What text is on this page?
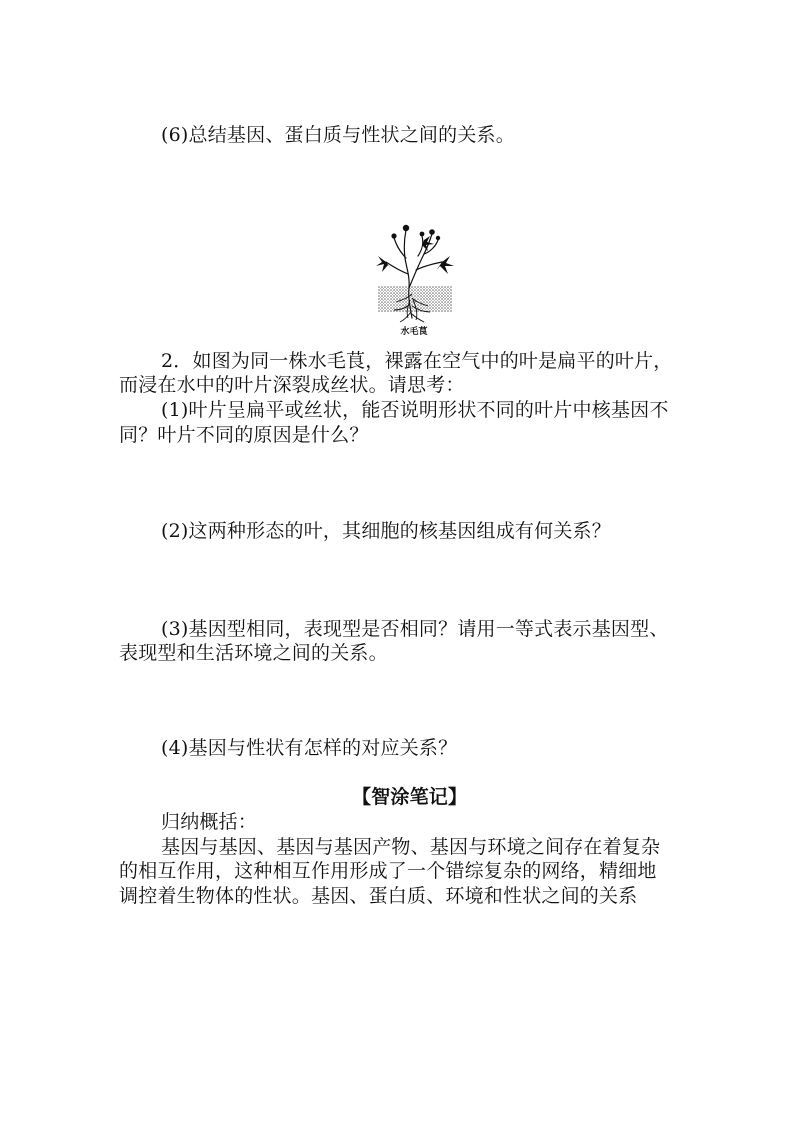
(6)总结基因、蛋白质与性状之间的关系。
水毛茛
2．如图为同一株水毛茛，裸露在空气中的叶是扁平的叶片，
而浸在水中的叶片深裂成丝状。请思考：
(1)叶片呈扁平或丝状，能否说明形状不同的叶片中核基因不
同？叶片不同的原因是什么？
(2)这两种形态的叶，其细胞的核基因组成有何关系？
(3)基因型相同，表现型是否相同？请用一等式表示基因型、
表现型和生活环境之间的关系。
(4)基因与性状有怎样的对应关系？
【智涂笔记】
归纳概括：
基因与基因、基因与基因产物、基因与环境之间存在着复杂
的相互作用，这种相互作用形成了一个错综复杂的网络，精细地
调控着生物体的性状。基因、蛋白质、环境和性状之间的关系
